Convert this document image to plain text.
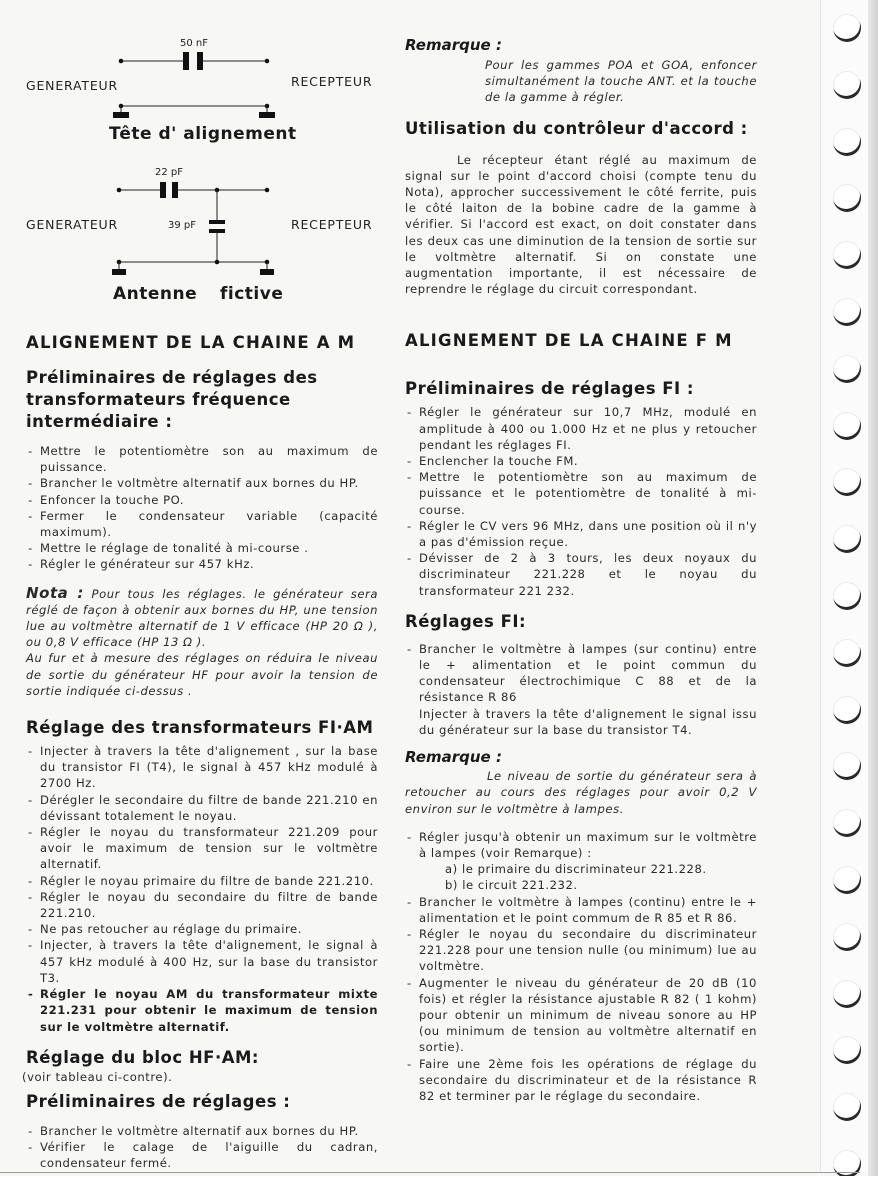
50 nF
GENERATEUR	RECEPTEUR
Tête d' alignement
22 pF
GENERATEUR	39 pF	RECEPTEUR
Antenne fictive
ALIGNEMENT DE LA CHAINE A M
Préliminaires de réglages des transformateurs fréquence intermédiaire :
- Mettre le potentiomètre son au maximum de puissance.
- Brancher le voltmètre alternatif aux bornes du HP.
- Enfoncer la touche PO.
- Fermer le condensateur variable (capacité maximum).
- Mettre le réglage de tonalité à mi-course .
- Régler le générateur sur 457 kHz.

Nota : Pour tous les réglages. le générateur sera réglé de façon à obtenir aux bornes du HP, une tension lue au voltmètre alternatif de 1 V efficace (HP 20 Ω ), ou 0,8 V efficace (HP 13 Ω ).

Au fur et à mesure des réglages on réduira le niveau de sortie du générateur HF pour avoir la tension de sortie indiquée ci-dessus .

Réglage des transformateurs FI·AM
- Injecter à travers la tête d'alignement , sur la base du transistor FI (T4), le signal à 457 kHz modulé à 2700 Hz.
- Dérégler le secondaire du filtre de bande 221.210 en dévissant totalement le noyau.
- Régler le noyau du transformateur 221.209 pour avoir le maximum de tension sur le voltmètre alternatif.
- Régler le noyau primaire du filtre de bande 221.210.
- Régler le noyau du secondaire du filtre de bande 221.210.
- Ne pas retoucher au réglage du primaire.
- Injecter, à travers la tête d'alignement, le signal à 457 kHz modulé à 400 Hz, sur la base du transistor T3.
- Régler le noyau AM du transformateur mixte 221.231 pour obtenir le maximum de tension sur le voltmètre alternatif.
Réglage du bloc HF·AM:

(voir tableau ci-contre).

Préliminaires de réglages :
- Brancher le voltmètre alternatif aux bornes du HP.
- Vérifier le calage de l'aiguille du cadran, condensateur fermé.
Remarque :

Pour les gammes POA et GOA, enfoncer simultanément la touche ANT. et la touche de la gamme à régler.

Utilisation du contrôleur d'accord :

Le récepteur étant réglé au maximum de signal sur le point d'accord choisi (compte tenu du Nota), approcher successivement le côté ferrite, puis le côté laiton de la bobine cadre de la gamme à vérifier. Si l'accord est exact, on doit constater dans les deux cas une diminution de la tension de sortie sur le voltmètre alternatif. Si on constate une augmentation importante, il est nécessaire de reprendre le réglage du circuit correspondant.

ALIGNEMENT DE LA CHAINE F M
Préliminaires de réglages FI :
- Régler le générateur sur 10,7 MHz, modulé en amplitude à 400 ou 1.000 Hz et ne plus y retoucher pendant les réglages FI.
- Enclencher la touche FM.
- Mettre le potentiomètre son au maximum de puissance et le potentiomètre de tonalité à mi-course.
- Régler le CV vers 96 MHz, dans une position où il n'y a pas d'émission reçue.
- Dévisser de 2 à 3 tours, les deux noyaux du discriminateur 221.228 et le noyau du transformateur 221 232.
Réglages FI:
- Brancher le voltmètre à lampes (sur continu) entre le + alimentation et le point commun du condensateur électrochimique C 88 et de la résistance R 86

Injecter à travers la tête d'alignement le signal issu du générateur sur la base du transistor T4.

Remarque :

Le niveau de sortie du générateur sera à retoucher au cours des réglages pour avoir 0,2 V environ sur le voltmètre à lampes.

- Régler jusqu'à obtenir un maximum sur le voltmètre à lampes (voir Remarque) :
a) le primaire du discriminateur 221.228.
b) le circuit 221.232.
- Brancher le voltmètre à lampes (continu) entre le + alimentation et le point commum de R 85 et R 86.
- Régler le noyau du secondaire du discriminateur 221.228 pour une tension nulle (ou minimum) lue au voltmètre.
- Augmenter le niveau du générateur de 20 dB (10 fois) et régler la résistance ajustable R 82 ( 1 kohm) pour obtenir un minimum de niveau sonore au HP (ou minimum de tension au voltmètre alternatif en sortie).
- Faire une 2ème fois les opérations de réglage du secondaire du discriminateur et de la résistance R 82 et terminer par le réglage du secondaire.
